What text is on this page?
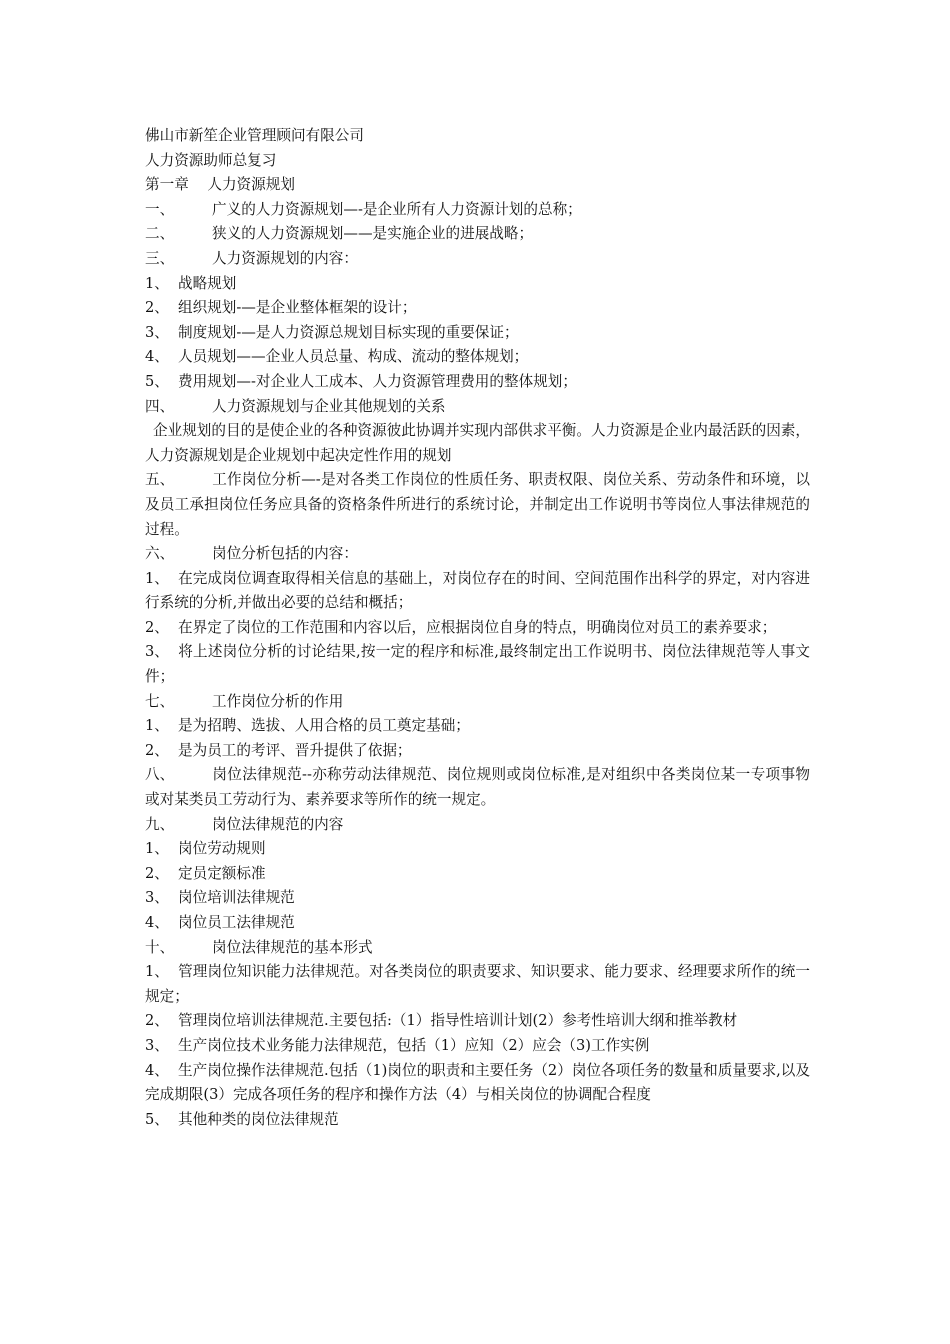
佛山市新笙企业管理顾问有限公司
人力资源助师总复习
第一章 人力资源规划
一、	广义的人力资源规划—-是企业所有人力资源计划的总称；
二、	狭义的人力资源规划——是实施企业的进展战略；
三、	人力资源规划的内容：
1、 战略规划
2、 组织规划-—是企业整体框架的设计；
3、 制度规划-—是人力资源总规划目标实现的重要保证；
4、 人员规划——企业人员总量、构成、流动的整体规划；
5、 费用规划—-对企业人工成本、人力资源管理费用的整体规划；
四、	人力资源规划与企业其他规划的关系
企业规划的目的是使企业的各种资源彼此协调并实现内部供求平衡。人力资源是企业内最活跃的因素，人力资源规划是企业规划中起决定性作用的规划
五、	工作岗位分析—-是对各类工作岗位的性质任务、职责权限、岗位关系、劳动条件和环境，以及员工承担岗位任务应具备的资格条件所进行的系统讨论，并制定出工作说明书等岗位人事法律规范的过程。
六、	岗位分析包括的内容：
1、 在完成岗位调查取得相关信息的基础上，对岗位存在的时间、空间范围作出科学的界定，对内容进行系统的分析,并做出必要的总结和概括；
2、 在界定了岗位的工作范围和内容以后，应根据岗位自身的特点，明确岗位对员工的素养要求；
3、 将上述岗位分析的讨论结果,按一定的程序和标准,最终制定出工作说明书、岗位法律规范等人事文件；
七、	工作岗位分析的作用
1、 是为招聘、选拔、人用合格的员工奠定基础；
2、 是为员工的考评、晋升提供了依据；
八、	岗位法律规范--亦称劳动法律规范、岗位规则或岗位标准,是对组织中各类岗位某一专项事物或对某类员工劳动行为、素养要求等所作的统一规定。
九、	岗位法律规范的内容
1、 岗位劳动规则
2、 定员定额标准
3、 岗位培训法律规范
4、 岗位员工法律规范
十、	岗位法律规范的基本形式
1、 管理岗位知识能力法律规范。对各类岗位的职责要求、知识要求、能力要求、经理要求所作的统一规定；
2、 管理岗位培训法律规范.主要包括:（1）指导性培训计划(2）参考性培训大纲和推举教材
3、 生产岗位技术业务能力法律规范，包括（1）应知（2）应会（3)工作实例
4、 生产岗位操作法律规范.包括（1)岗位的职责和主要任务（2）岗位各项任务的数量和质量要求,以及完成期限(3）完成各项任务的程序和操作方法（4）与相关岗位的协调配合程度
5、 其他种类的岗位法律规范
